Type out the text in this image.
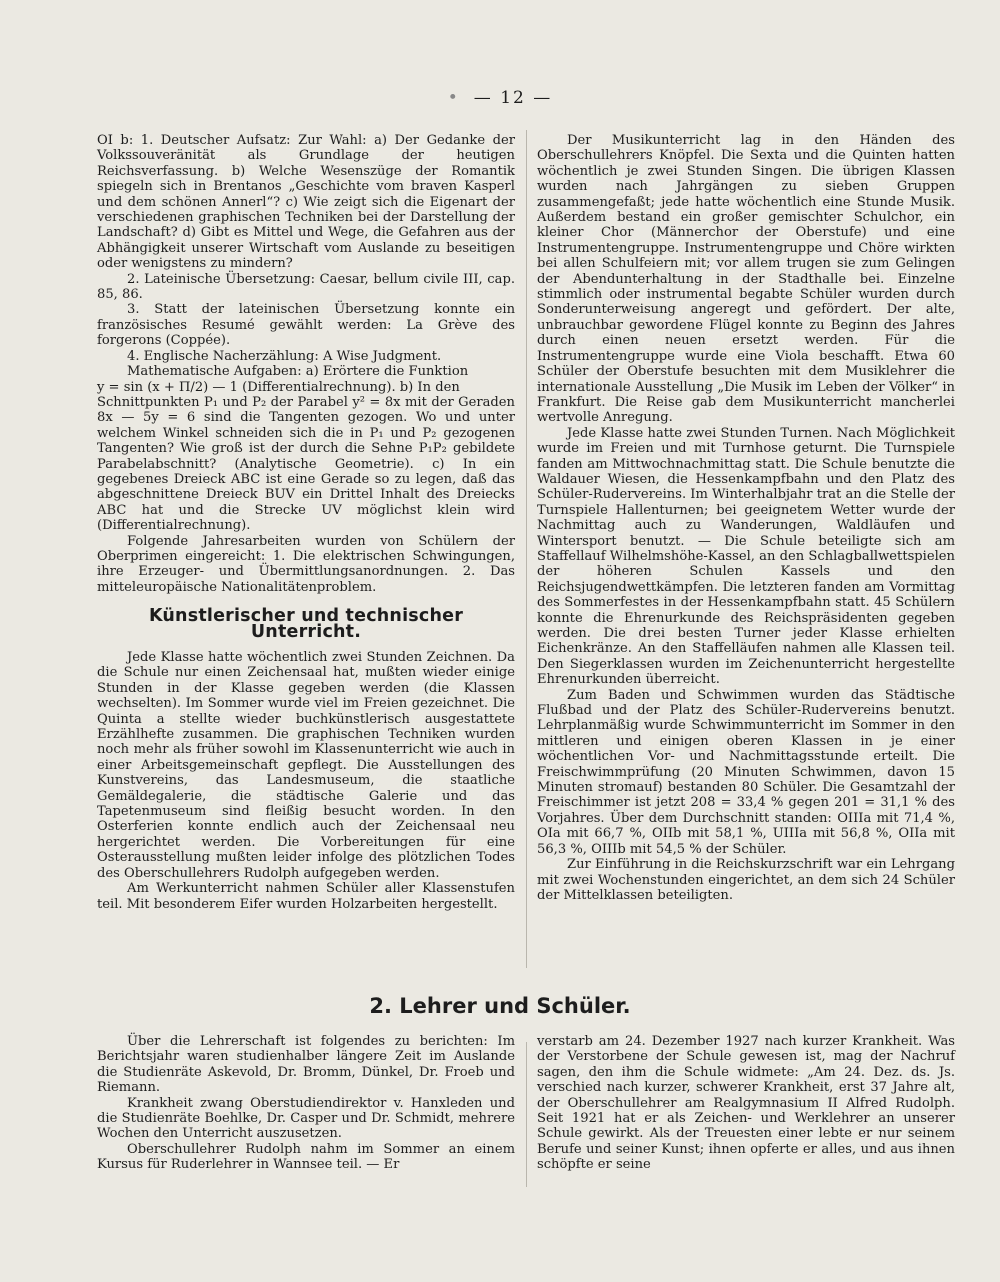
• — 12 —

OI b: 1. Deutscher Aufsatz: Zur Wahl: a) Der Gedanke der Volkssouveränität als Grundlage der heutigen Reichsverfassung. b) Welche Wesenszüge der Romantik spiegeln sich in Brentanos „Geschichte vom braven Kasperl und dem schönen Annerl“? c) Wie zeigt sich die Eigenart der verschiedenen graphischen Techniken bei der Darstellung der Landschaft? d) Gibt es Mittel und Wege, die Gefahren aus der Abhängigkeit unserer Wirtschaft vom Auslande zu beseitigen oder wenigstens zu mindern?

2. Lateinische Übersetzung: Caesar, bellum civile III, cap. 85, 86.

3. Statt der lateinischen Übersetzung konnte ein französisches Resumé gewählt werden: La Grève des forgerons (Coppée).

4. Englische Nacherzählung: A Wise Judgment.

Mathematische Aufgaben: a) Erörtere die Funktion

y = sin (x + Π/2) — 1 (Differentialrechnung). b) In den

Schnittpunkten P₁ und P₂ der Parabel y² = 8x mit der Geraden 8x — 5y = 6 sind die Tangenten gezogen. Wo und unter welchem Winkel schneiden sich die in P₁ und P₂ gezogenen Tangenten? Wie groß ist der durch die Sehne P₁P₂ gebildete Parabelabschnitt? (Analytische Geometrie). c) In ein gegebenes Dreieck ABC ist eine Gerade so zu legen, daß das abgeschnittene Dreieck BUV ein Drittel Inhalt des Dreiecks ABC hat und die Strecke UV möglichst klein wird (Differentialrechnung).

Folgende Jahresarbeiten wurden von Schülern der Oberprimen eingereicht: 1. Die elektrischen Schwingungen, ihre Erzeuger- und Übermittlungsanordnungen. 2. Das mitteleuropäische Nationalitätenproblem.

Künstlerischer und technischer Unterricht.

Jede Klasse hatte wöchentlich zwei Stunden Zeichnen. Da die Schule nur einen Zeichensaal hat, mußten wieder einige Stunden in der Klasse gegeben werden (die Klassen wechselten). Im Sommer wurde viel im Freien gezeichnet. Die Quinta a stellte wieder buchkünstlerisch ausgestattete Erzählhefte zusammen. Die graphischen Techniken wurden noch mehr als früher sowohl im Klassenunterricht wie auch in einer Arbeitsgemeinschaft gepflegt. Die Ausstellungen des Kunstvereins, das Landesmuseum, die staatliche Gemäldegalerie, die städtische Galerie und das Tapetenmuseum sind fleißig besucht worden. In den Osterferien konnte endlich auch der Zeichensaal neu hergerichtet werden. Die Vorbereitungen für eine Osterausstellung mußten leider infolge des plötzlichen Todes des Oberschullehrers Rudolph aufgegeben werden.

Am Werkunterricht nahmen Schüler aller Klassenstufen teil. Mit besonderem Eifer wurden Holzarbeiten hergestellt.

Der Musikunterricht lag in den Händen des Oberschullehrers Knöpfel. Die Sexta und die Quinten hatten wöchentlich je zwei Stunden Singen. Die übrigen Klassen wurden nach Jahrgängen zu sieben Gruppen zusammengefaßt; jede hatte wöchentlich eine Stunde Musik. Außerdem bestand ein großer gemischter Schulchor, ein kleiner Chor (Männerchor der Oberstufe) und eine Instrumentengruppe. Instrumentengruppe und Chöre wirkten bei allen Schulfeiern mit; vor allem trugen sie zum Gelingen der Abendunterhaltung in der Stadthalle bei. Einzelne stimmlich oder instrumental begabte Schüler wurden durch Sonderunterweisung angeregt und gefördert. Der alte, unbrauchbar gewordene Flügel konnte zu Beginn des Jahres durch einen neuen ersetzt werden. Für die Instrumentengruppe wurde eine Viola beschafft. Etwa 60 Schüler der Oberstufe besuchten mit dem Musiklehrer die internationale Ausstellung „Die Musik im Leben der Völker“ in Frankfurt. Die Reise gab dem Musikunterricht mancherlei wertvolle Anregung.

Jede Klasse hatte zwei Stunden Turnen. Nach Möglichkeit wurde im Freien und mit Turnhose geturnt. Die Turnspiele fanden am Mittwochnachmittag statt. Die Schule benutzte die Waldauer Wiesen, die Hessenkampfbahn und den Platz des Schüler-Rudervereins. Im Winterhalbjahr trat an die Stelle der Turnspiele Hallenturnen; bei geeignetem Wetter wurde der Nachmittag auch zu Wanderungen, Waldläufen und Wintersport benutzt. — Die Schule beteiligte sich am Staffellauf Wilhelmshöhe-Kassel, an den Schlagballwettspielen der höheren Schulen Kassels und den Reichsjugendwettkämpfen. Die letzteren fanden am Vormittag des Sommerfestes in der Hessenkampfbahn statt. 45 Schülern konnte die Ehrenurkunde des Reichspräsidenten gegeben werden. Die drei besten Turner jeder Klasse erhielten Eichenkränze. An den Staffelläufen nahmen alle Klassen teil. Den Siegerklassen wurden im Zeichenunterricht hergestellte Ehrenurkunden überreicht.

Zum Baden und Schwimmen wurden das Städtische Flußbad und der Platz des Schüler-Rudervereins benutzt. Lehrplanmäßig wurde Schwimmunterricht im Sommer in den mittleren und einigen oberen Klassen in je einer wöchentlichen Vor- und Nachmittagsstunde erteilt. Die Freischwimmprüfung (20 Minuten Schwimmen, davon 15 Minuten stromauf) bestanden 80 Schüler. Die Gesamtzahl der Freischimmer ist jetzt 208 = 33,4 % gegen 201 = 31,1 % des Vorjahres. Über dem Durchschnitt standen: OIIIa mit 71,4 %, OIa mit 66,7 %, OIIb mit 58,1 %, UIIIa mit 56,8 %, OIIa mit 56,3 %, OIIIb mit 54,5 % der Schüler.

Zur Einführung in die Reichskurzschrift war ein Lehrgang mit zwei Wochenstunden eingerichtet, an dem sich 24 Schüler der Mittelklassen beteiligten.

2. Lehrer und Schüler.

Über die Lehrerschaft ist folgendes zu berichten: Im Berichtsjahr waren studienhalber längere Zeit im Auslande die Studienräte Askevold, Dr. Bromm, Dünkel, Dr. Froeb und Riemann.

Krankheit zwang Oberstudiendirektor v. Hanxleden und die Studienräte Boehlke, Dr. Casper und Dr. Schmidt, mehrere Wochen den Unterricht auszusetzen.

Oberschullehrer Rudolph nahm im Sommer an einem Kursus für Ruderlehrer in Wannsee teil. — Er

verstarb am 24. Dezember 1927 nach kurzer Krankheit. Was der Verstorbene der Schule gewesen ist, mag der Nachruf sagen, den ihm die Schule widmete: „Am 24. Dez. ds. Js. verschied nach kurzer, schwerer Krankheit, erst 37 Jahre alt, der Oberschullehrer am Realgymnasium II Alfred Rudolph. Seit 1921 hat er als Zeichen- und Werklehrer an unserer Schule gewirkt. Als der Treuesten einer lebte er nur seinem Berufe und seiner Kunst; ihnen opferte er alles, und aus ihnen schöpfte er seine
